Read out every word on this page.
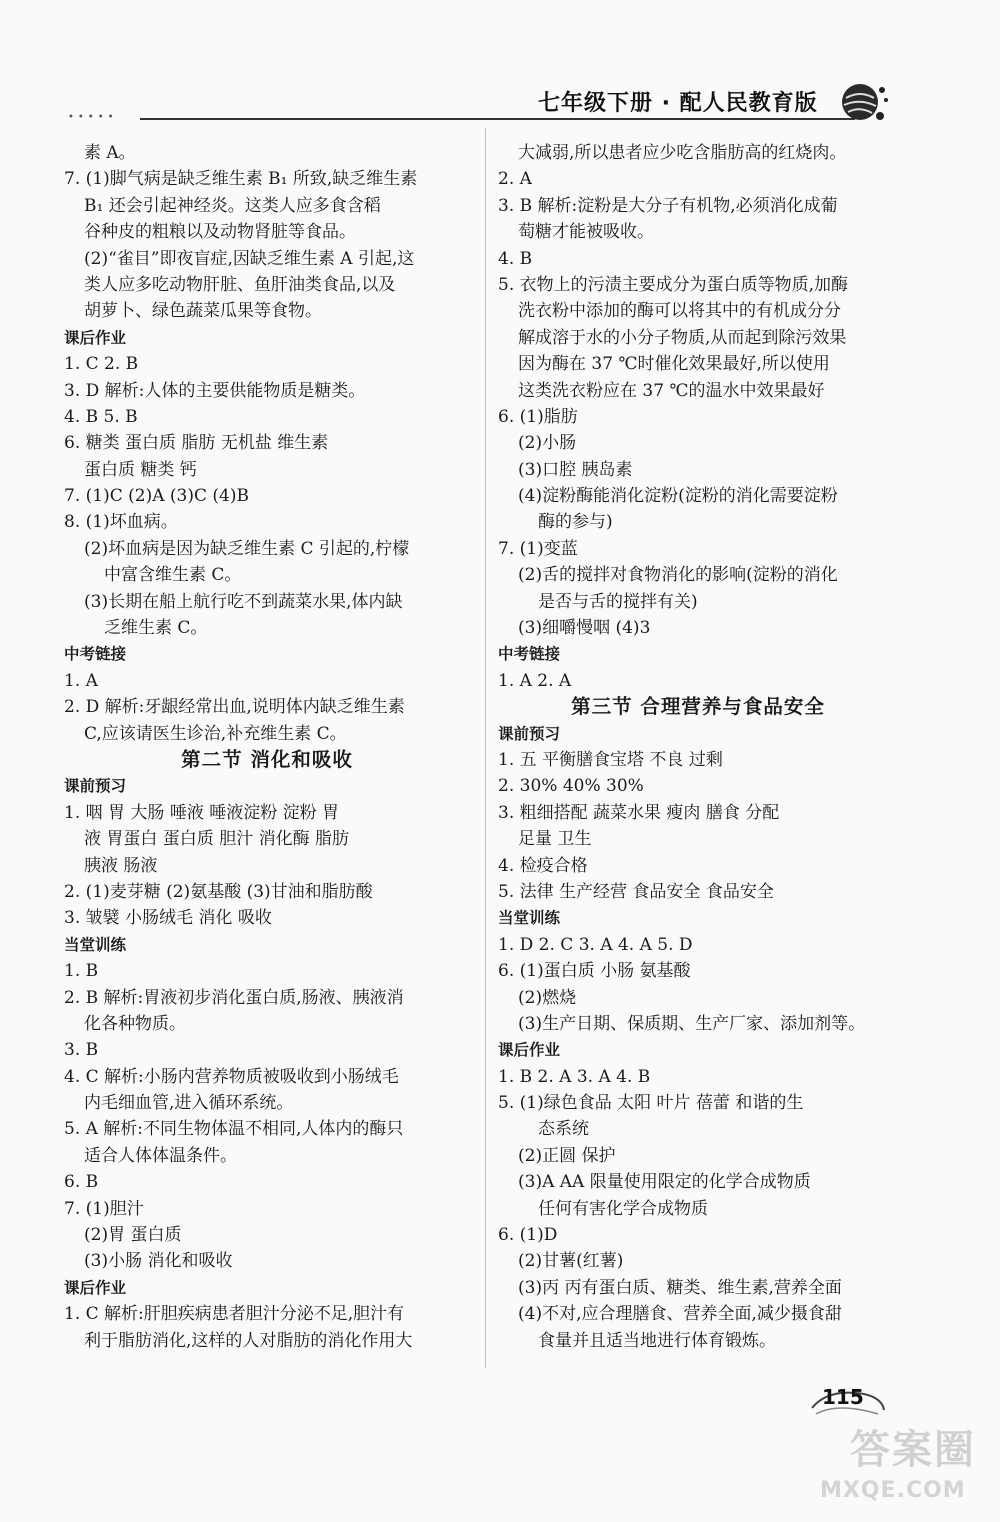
•••••
七年级下册 · 配人民教育版
素 A。
7. (1)脚气病是缺乏维生素 B₁ 所致,缺乏维生素
B₁ 还会引起神经炎。这类人应多食含稻
谷种皮的粗粮以及动物肾脏等食品。
(2)“雀目”即夜盲症,因缺乏维生素 A 引起,这
类人应多吃动物肝脏、鱼肝油类食品,以及
胡萝卜、绿色蔬菜瓜果等食物。
课后作业
1. C 2. B
3. D 解析:人体的主要供能物质是糖类。
4. B 5. B
6. 糖类 蛋白质 脂肪 无机盐 维生素
蛋白质 糖类 钙
7. (1)C (2)A (3)C (4)B
8. (1)坏血病。
(2)坏血病是因为缺乏维生素 C 引起的,柠檬
中富含维生素 C。
(3)长期在船上航行吃不到蔬菜水果,体内缺
乏维生素 C。
中考链接
1. A
2. D 解析:牙龈经常出血,说明体内缺乏维生素
C,应该请医生诊治,补充维生素 C。
第二节 消化和吸收
课前预习
1. 咽 胃 大肠 唾液 唾液淀粉 淀粉 胃
液 胃蛋白 蛋白质 胆汁 消化酶 脂肪
胰液 肠液
2. (1)麦芽糖 (2)氨基酸 (3)甘油和脂肪酸
3. 皱襞 小肠绒毛 消化 吸收
当堂训练
1. B
2. B 解析:胃液初步消化蛋白质,肠液、胰液消
化各种物质。
3. B
4. C 解析:小肠内营养物质被吸收到小肠绒毛
内毛细血管,进入循环系统。
5. A 解析:不同生物体温不相同,人体内的酶只
适合人体体温条件。
6. B
7. (1)胆汁
(2)胃 蛋白质
(3)小肠 消化和吸收
课后作业
1. C 解析:肝胆疾病患者胆汁分泌不足,胆汁有
利于脂肪消化,这样的人对脂肪的消化作用大
大减弱,所以患者应少吃含脂肪高的红烧肉。
2. A
3. B 解析:淀粉是大分子有机物,必须消化成葡
萄糖才能被吸收。
4. B
5. 衣物上的污渍主要成分为蛋白质等物质,加酶
洗衣粉中添加的酶可以将其中的有机成分分
解成溶于水的小分子物质,从而起到除污效果
因为酶在 37 ℃时催化效果最好,所以使用
这类洗衣粉应在 37 ℃的温水中效果最好
6. (1)脂肪
(2)小肠
(3)口腔 胰岛素
(4)淀粉酶能消化淀粉(淀粉的消化需要淀粉
酶的参与)
7. (1)变蓝
(2)舌的搅拌对食物消化的影响(淀粉的消化
是否与舌的搅拌有关)
(3)细嚼慢咽 (4)3
中考链接
1. A 2. A
第三节 合理营养与食品安全
课前预习
1. 五 平衡膳食宝塔 不良 过剩
2. 30% 40% 30%
3. 粗细搭配 蔬菜水果 瘦肉 膳食 分配
足量 卫生
4. 检疫合格
5. 法律 生产经营 食品安全 食品安全
当堂训练
1. D 2. C 3. A 4. A 5. D
6. (1)蛋白质 小肠 氨基酸
(2)燃烧
(3)生产日期、保质期、生产厂家、添加剂等。
课后作业
1. B 2. A 3. A 4. B
5. (1)绿色食品 太阳 叶片 蓓蕾 和谐的生
态系统
(2)正圆 保护
(3)A AA 限量使用限定的化学合成物质
任何有害化学合成物质
6. (1)D
(2)甘薯(红薯)
(3)丙 丙有蛋白质、糖类、维生素,营养全面
(4)不对,应合理膳食、营养全面,减少摄食甜
食量并且适当地进行体育锻炼。
115
答案圈
MXQE.COM
